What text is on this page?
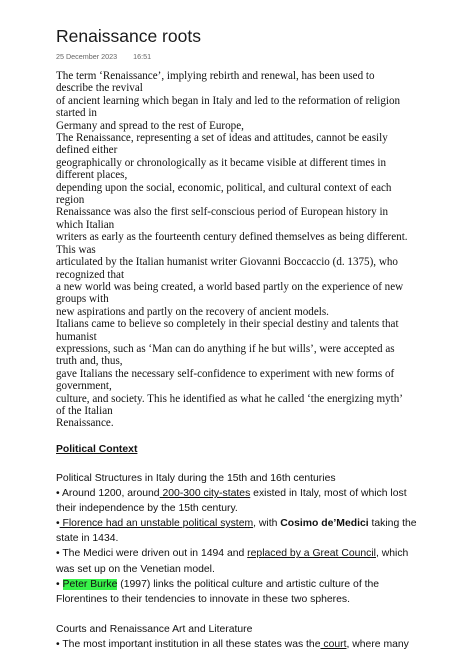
Renaissance roots
25 December 2023 16:51
The term ‘Renaissance’, implying rebirth and renewal, has been used to
describe the revival
of ancient learning which began in Italy and led to the reformation of religion
started in
Germany and spread to the rest of Europe,
The Renaissance, representing a set of ideas and attitudes, cannot be easily
defined either
geographically or chronologically as it became visible at different times in
different places,
depending upon the social, economic, political, and cultural context of each
region
Renaissance was also the first self-conscious period of European history in
which Italian
writers as early as the fourteenth century defined themselves as being different.
This was
articulated by the Italian humanist writer Giovanni Boccaccio (d. 1375), who
recognized that
a new world was being created, a world based partly on the experience of new
groups with
new aspirations and partly on the recovery of ancient models.
Italians came to believe so completely in their special destiny and talents that
humanist
expressions, such as ‘Man can do anything if he but wills’, were accepted as
truth and, thus,
gave Italians the necessary self-confidence to experiment with new forms of
government,
culture, and society. This he identified as what he called ‘the energizing myth’
of the Italian
Renaissance.
Political Context
Political Structures in Italy during the 15th and 16th centuries
• Around 1200, around 200-300 city-states existed in Italy, most of which lost
their independence by the 15th century.
• Florence had an unstable political system, with Cosimo de’Medici taking the
state in 1434.
• The Medici were driven out in 1494 and replaced by a Great Council, which
was set up on the Venetian model.
• Peter Burke (1997) links the political culture and artistic culture of the
Florentines to their tendencies to innovate in these two spheres.
Courts and Renaissance Art and Literature
• The most important institution in all these states was the court, where many
